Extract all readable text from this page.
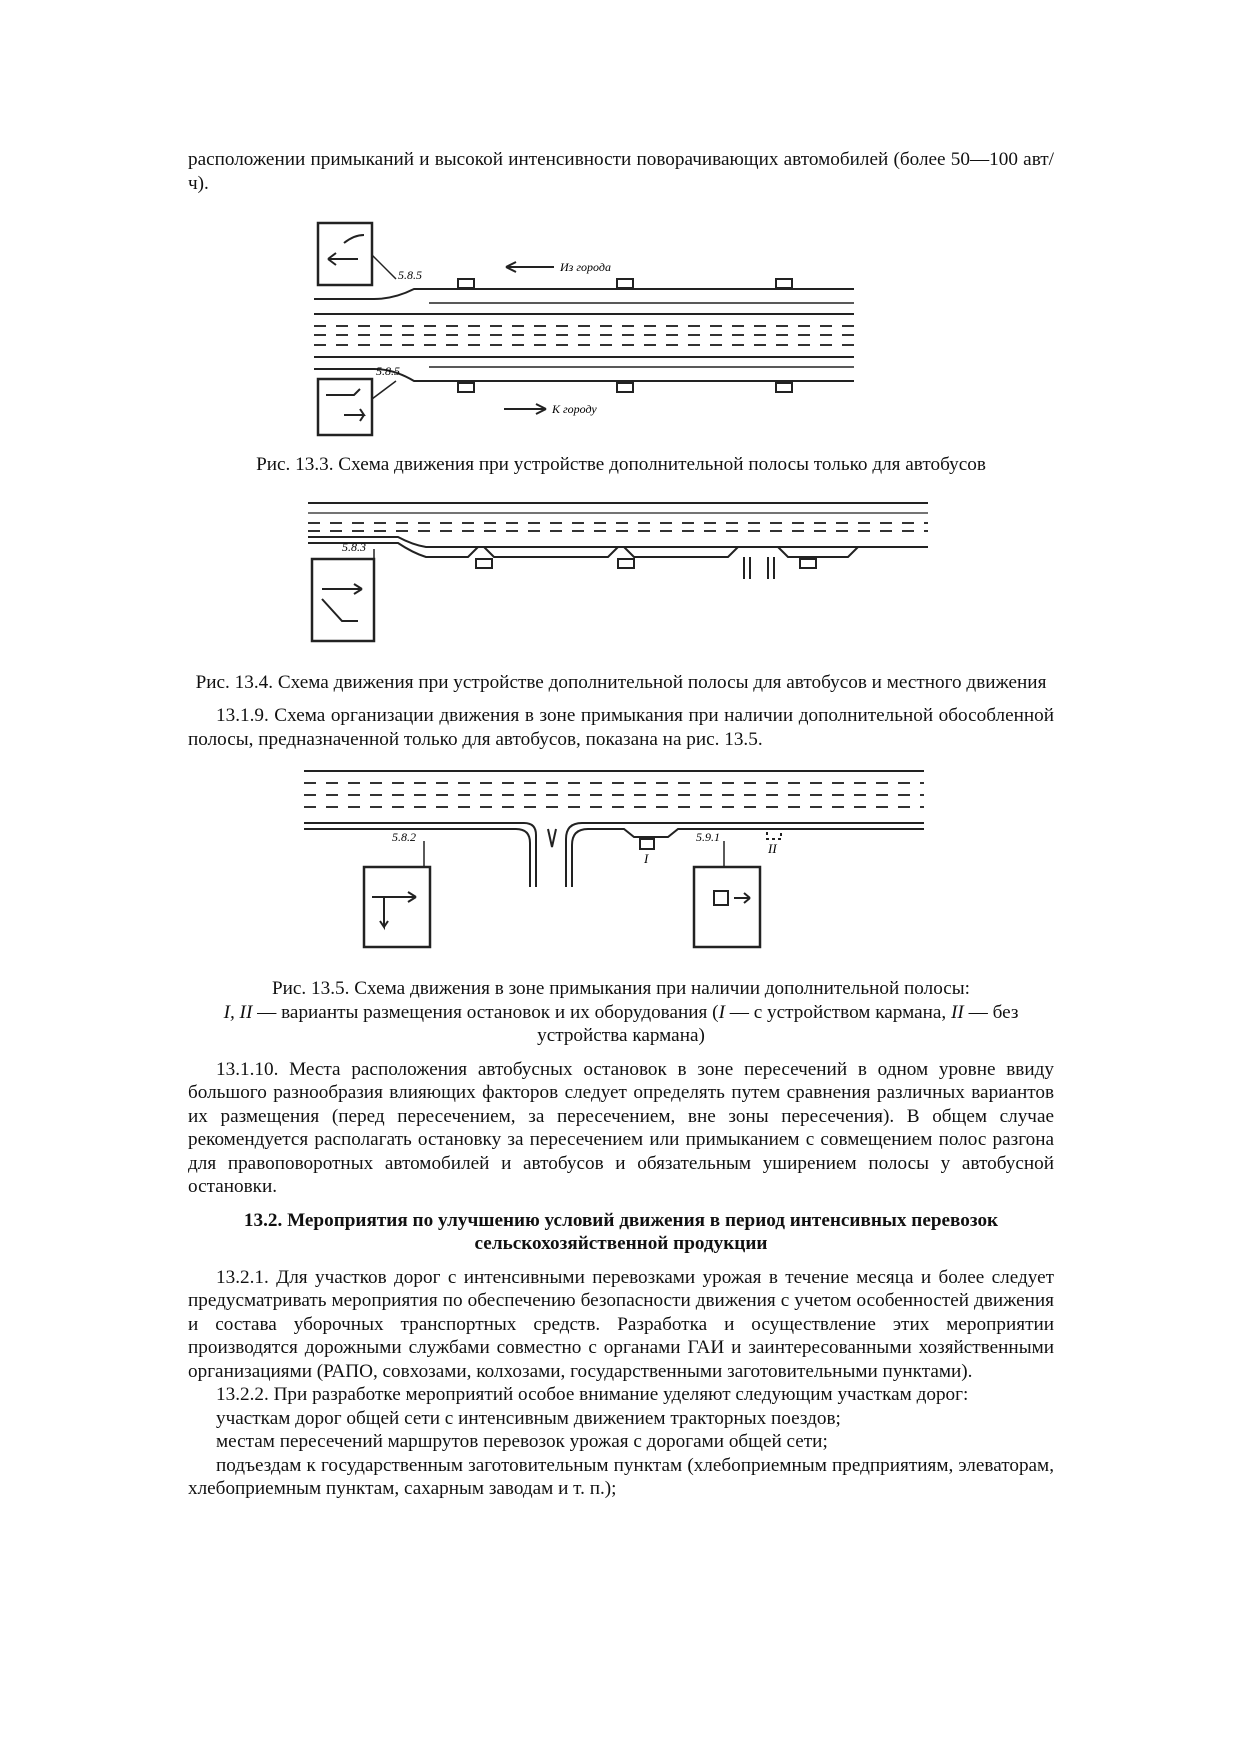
расположении примыканий и высокой интенсивности поворачивающих автомобилей (более 50—100 авт/ч).

5.8.5
5.8.5
Из города
К городу

Рис. 13.3. Схема движения при устройстве дополнительной полосы только для автобусов

5.8.3

Рис. 13.4. Схема движения при устройстве дополнительной полосы для автобусов и местного движения

13.1.9. Схема организации движения в зоне примыкания при наличии дополнительной обособленной полосы, предназначенной только для автобусов, показана на рис. 13.5.

5.8.2	5.9.1
I
II

Рис. 13.5. Схема движения в зоне примыкания при наличии дополнительной полосы:

I, II — варианты размещения остановок и их оборудования (I — с устройством кармана, II — без устройства кармана)

13.1.10. Места расположения автобусных остановок в зоне пересечений в одном уровне ввиду большого разнообразия влияющих факторов следует определять путем сравнения различных вариантов их размещения (перед пересечением, за пересечением, вне зоны пересечения). В общем случае рекомендуется располагать остановку за пересечением или примыканием с совмещением полос разгона для правоповоротных автомобилей и автобусов и обязательным уширением полосы у автобусной остановки.

13.2. Мероприятия по улучшению условий движения в период интенсивных перевозок сельскохозяйственной продукции

13.2.1. Для участков дорог с интенсивными перевозками урожая в течение месяца и более следует предусматривать мероприятия по обеспечению безопасности движения с учетом особенностей движения и состава уборочных транспортных средств. Разработка и осуществление этих мероприятии производятся дорожными службами совместно с органами ГАИ и заинтересованными хозяйственными организациями (РАПО, совхозами, колхозами, государственными заготовительными пунктами).

13.2.2. При разработке мероприятий особое внимание уделяют следующим участкам дорог:

участкам дорог общей сети с интенсивным движением тракторных поездов;

местам пересечений маршрутов перевозок урожая с дорогами общей сети;

подъездам к государственным заготовительным пунктам (хлебоприемным предприятиям, элеваторам, хлебоприемным пунктам, сахарным заводам и т. п.);
